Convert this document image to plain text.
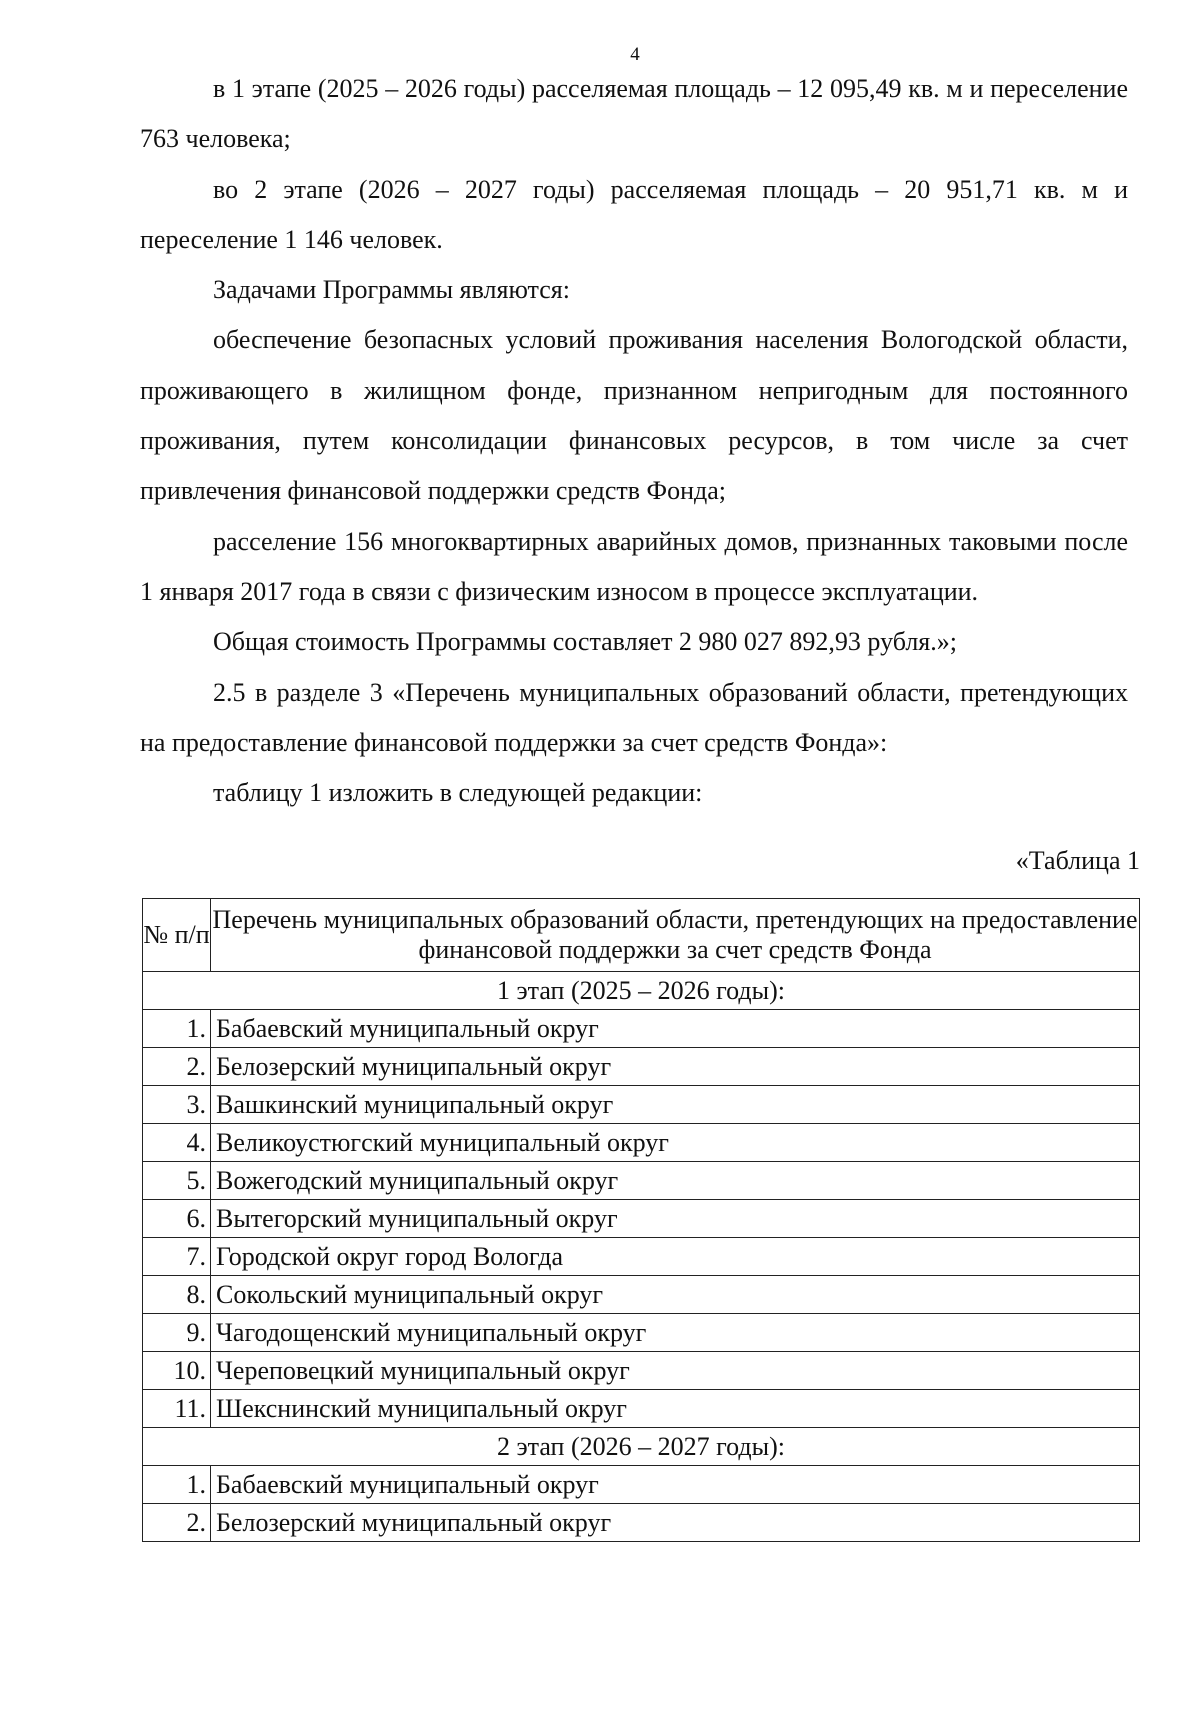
4

в 1 этапе (2025 – 2026 годы) расселяемая площадь – 12 095,49 кв. м и переселение 763 человека;

во 2 этапе (2026 – 2027 годы) расселяемая площадь – 20 951,71 кв. м и переселение 1 146 человек.

Задачами Программы являются:

обеспечение безопасных условий проживания населения Вологодской области, проживающего в жилищном фонде, признанном непригодным для постоянного проживания, путем консолидации финансовых ресурсов, в том числе за счет привлечения финансовой поддержки средств Фонда;

расселение 156 многоквартирных аварийных домов, признанных таковыми после 1 января 2017 года в связи с физическим износом в процессе эксплуатации.

Общая стоимость Программы составляет 2 980 027 892,93 рубля.»;

2.5 в разделе 3 «Перечень муниципальных образований области, претендующих на предоставление финансовой поддержки за счет средств Фонда»:

таблицу 1 изложить в следующей редакции:

«Таблица 1
№ п/п	Перечень муниципальных образований области, претендующих на предоставление финансовой поддержки за счет средств Фонда
1 этап (2025 – 2026 годы):	
1.	Бабаевский муниципальный округ
2.	Белозерский муниципальный округ
3.	Вашкинский муниципальный округ
4.	Великоустюгский муниципальный округ
5.	Вожегодский муниципальный округ
6.	Вытегорский муниципальный округ
7.	Городской округ город Вологда
8.	Сокольский муниципальный округ
9.	Чагодощенский муниципальный округ
10.	Череповецкий муниципальный округ
11.	Шекснинский муниципальный округ
2 этап (2026 – 2027 годы):	
1.	Бабаевский муниципальный округ
2.	Белозерский муниципальный округ
